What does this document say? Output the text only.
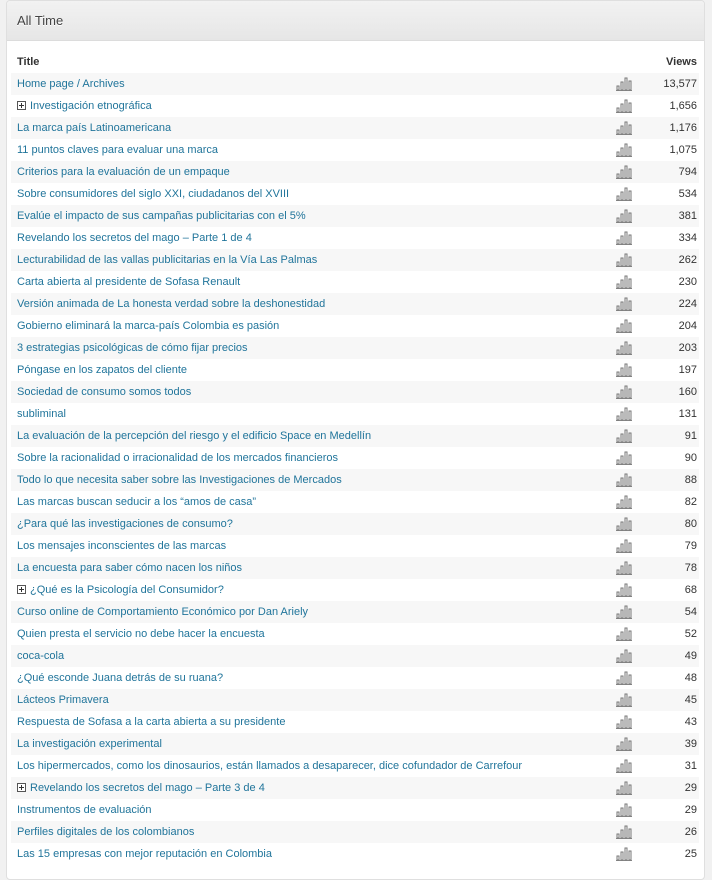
All Time
Title		Views
Home page / Archives		13,577
Investigación etnográfica		1,656
La marca país Latinoamericana		1,176
11 puntos claves para evaluar una marca		1,075
Criterios para la evaluación de un empaque		794
Sobre consumidores del siglo XXI, ciudadanos del XVIII		534
Evalúe el impacto de sus campañas publicitarias con el 5%		381
Revelando los secretos del mago – Parte 1 de 4		334
Lecturabilidad de las vallas publicitarias en la Vía Las Palmas		262
Carta abierta al presidente de Sofasa Renault		230
Versión animada de La honesta verdad sobre la deshonestidad		224
Gobierno eliminará la marca-país Colombia es pasión		204
3 estrategias psicológicas de cómo fijar precios		203
Póngase en los zapatos del cliente		197
Sociedad de consumo somos todos		160
subliminal		131
La evaluación de la percepción del riesgo y el edificio Space en Medellín		91
Sobre la racionalidad o irracionalidad de los mercados financieros		90
Todo lo que necesita saber sobre las Investigaciones de Mercados		88
Las marcas buscan seducir a los “amos de casa”		82
¿Para qué las investigaciones de consumo?		80
Los mensajes inconscientes de las marcas		79
La encuesta para saber cómo nacen los niños		78
¿Qué es la Psicología del Consumidor?		68
Curso online de Comportamiento Económico por Dan Ariely		54
Quien presta el servicio no debe hacer la encuesta		52
coca-cola		49
¿Qué esconde Juana detrás de su ruana?		48
Lácteos Primavera		45
Respuesta de Sofasa a la carta abierta a su presidente		43
La investigación experimental		39
Los hipermercados, como los dinosaurios, están llamados a desaparecer, dice cofundador de Carrefour		31
Revelando los secretos del mago – Parte 3 de 4		29
Instrumentos de evaluación		29
Perfiles digitales de los colombianos		26
Las 15 empresas con mejor reputación en Colombia		25
